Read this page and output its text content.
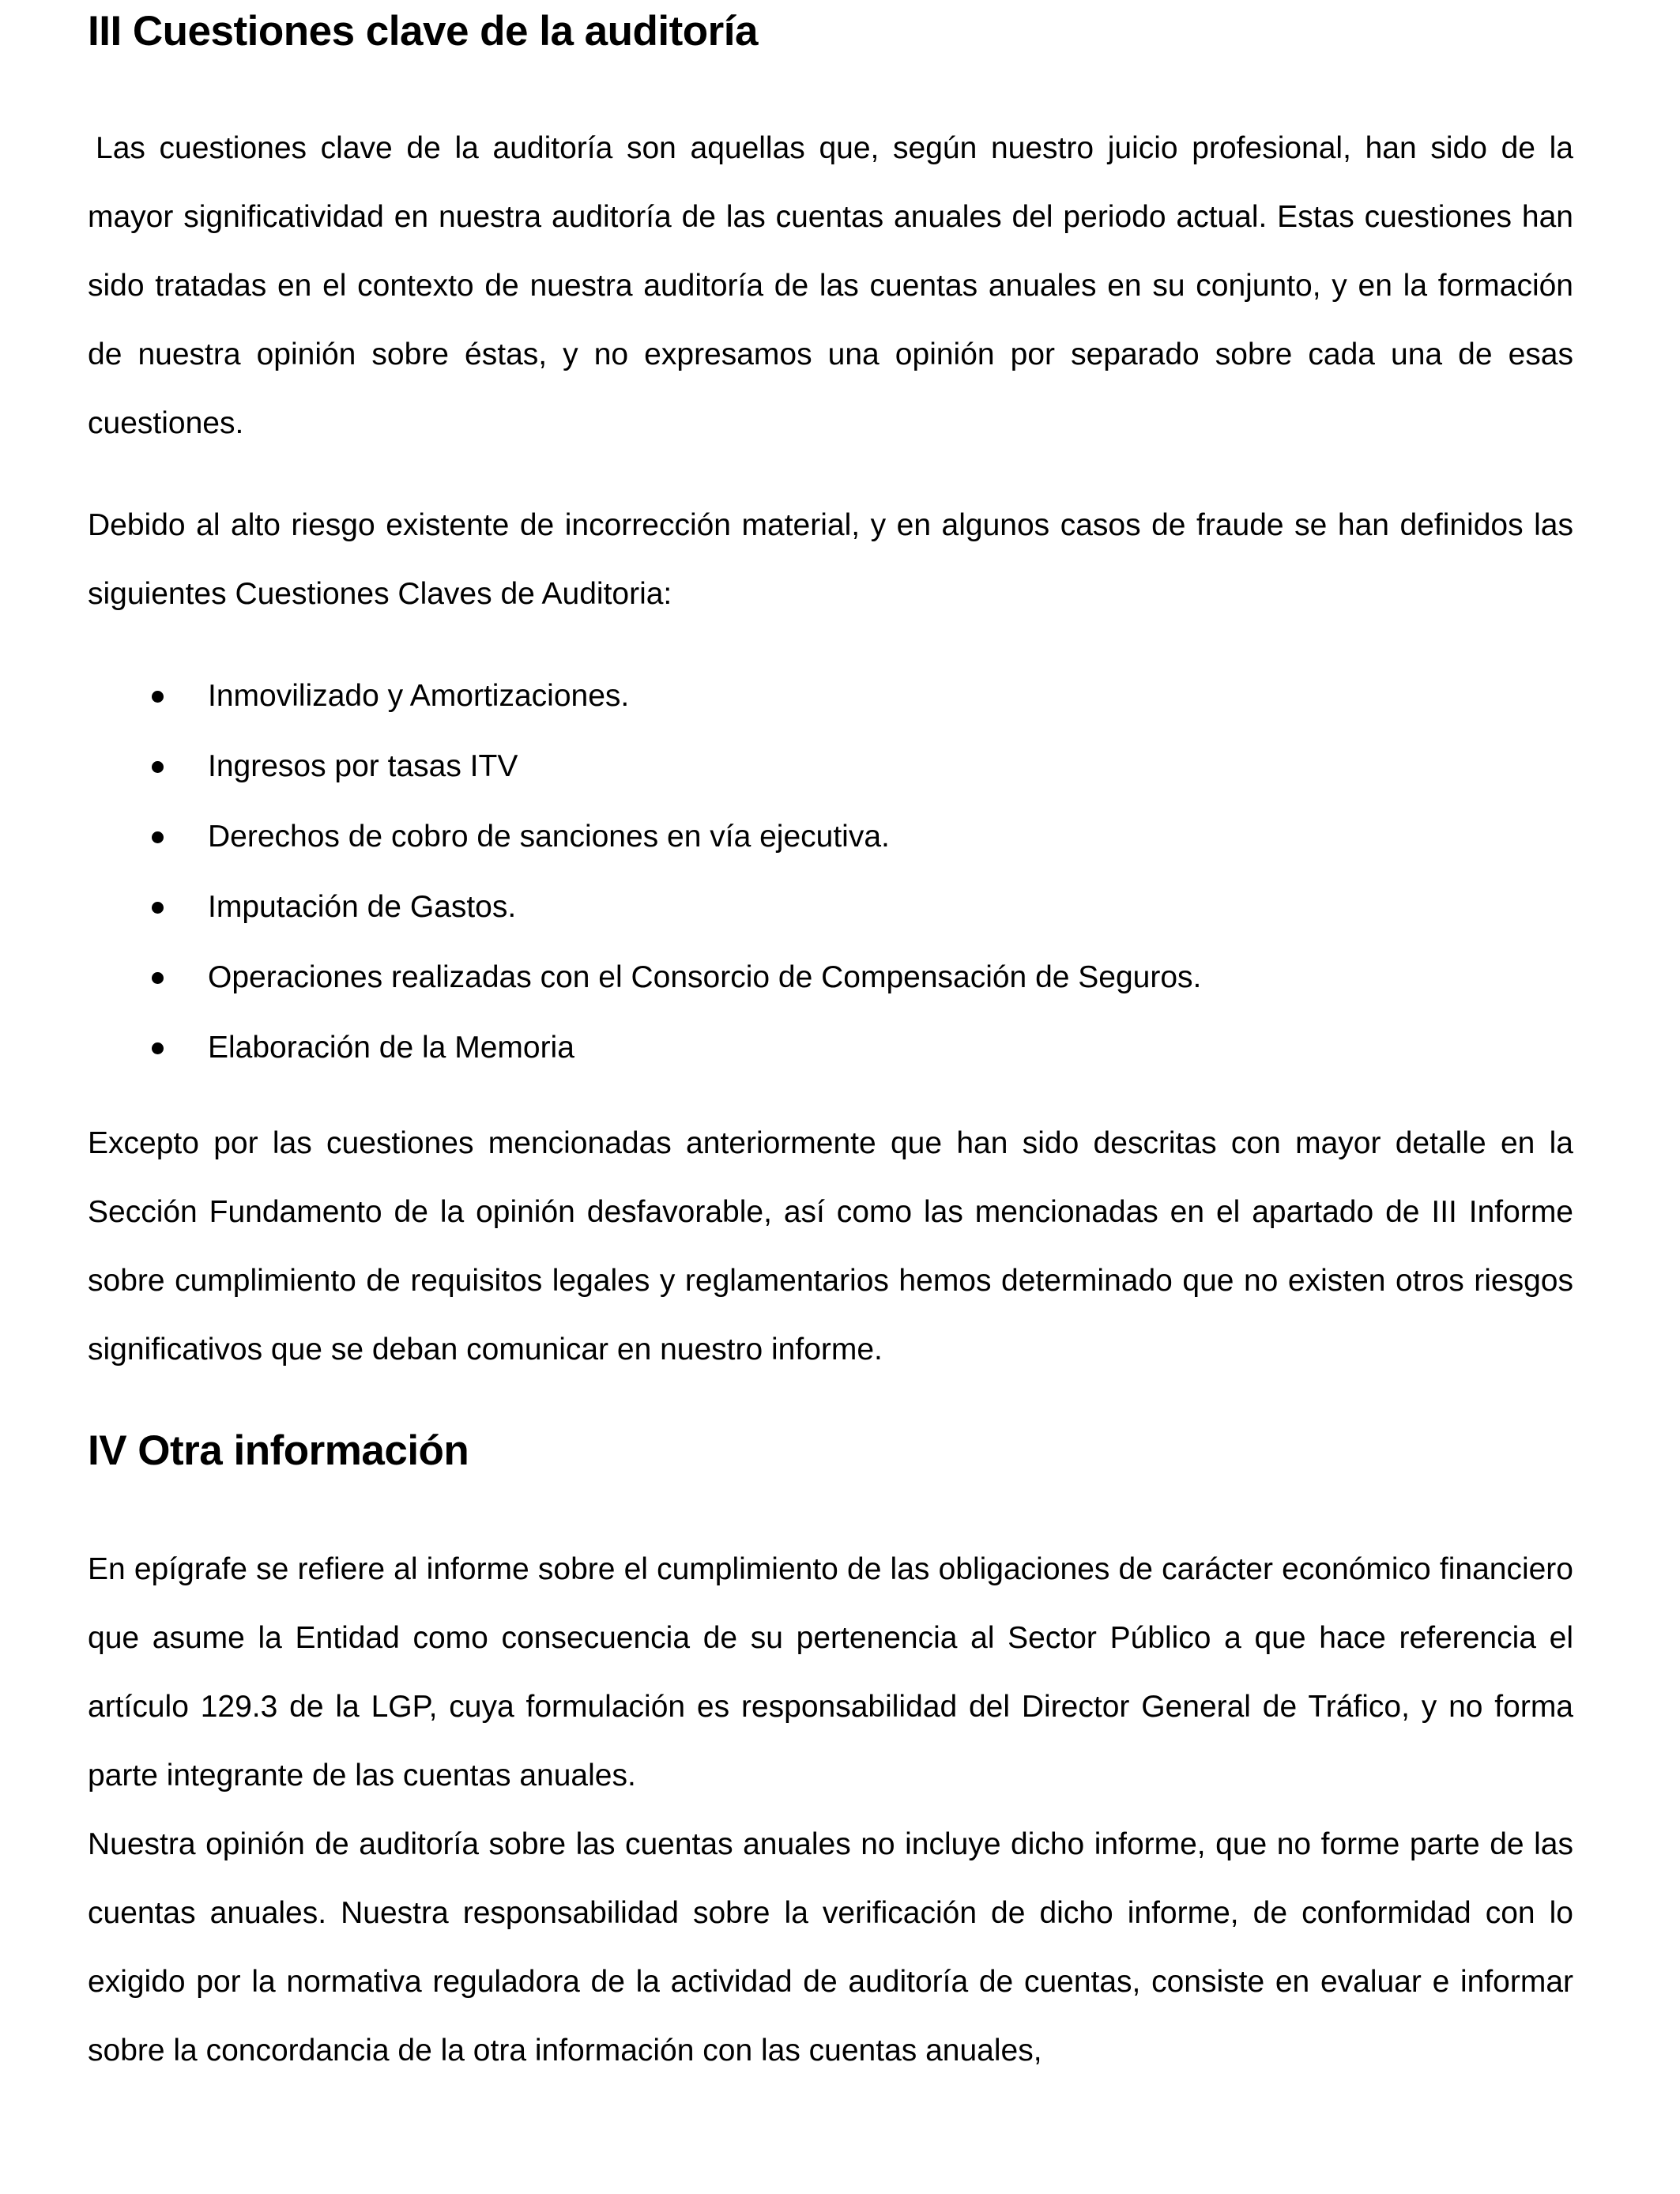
III Cuestiones clave de la auditoría

Las cuestiones clave de la auditoría son aquellas que, según nuestro juicio profesional, han sido de la mayor significatividad en nuestra auditoría de las cuentas anuales del periodo actual. Estas cuestiones han sido tratadas en el contexto de nuestra auditoría de las cuentas anuales en su conjunto, y en la formación de nuestra opinión sobre éstas, y no expresamos una opinión por separado sobre cada una de esas cuestiones.

Debido al alto riesgo existente de incorrección material, y en algunos casos de fraude se han definidos las siguientes Cuestiones Claves de Auditoria:

Inmovilizado y Amortizaciones.
Ingresos por tasas ITV
Derechos de cobro de sanciones en vía ejecutiva.
Imputación de Gastos.
Operaciones realizadas con el Consorcio de Compensación de Seguros.
Elaboración de la Memoria

Excepto por las cuestiones mencionadas anteriormente que han sido descritas con mayor detalle en la Sección Fundamento de la opinión desfavorable, así como las mencionadas en el apartado de III Informe sobre cumplimiento de requisitos legales y reglamentarios hemos determinado que no existen otros riesgos significativos que se deban comunicar en nuestro informe.

IV Otra información

En epígrafe se refiere al informe sobre el cumplimiento de las obligaciones de carácter económico financiero que asume la Entidad como consecuencia de su pertenencia al Sector Público a que hace referencia el artículo 129.3 de la LGP, cuya formulación es responsabilidad del Director General de Tráfico, y no forma parte integrante de las cuentas anuales.

Nuestra opinión de auditoría sobre las cuentas anuales no incluye dicho informe, que no forme parte de las cuentas anuales. Nuestra responsabilidad sobre la verificación de dicho informe, de conformidad con lo exigido por la normativa reguladora de la actividad de auditoría de cuentas, consiste en evaluar e informar sobre la concordancia de la otra información con las cuentas anuales,
